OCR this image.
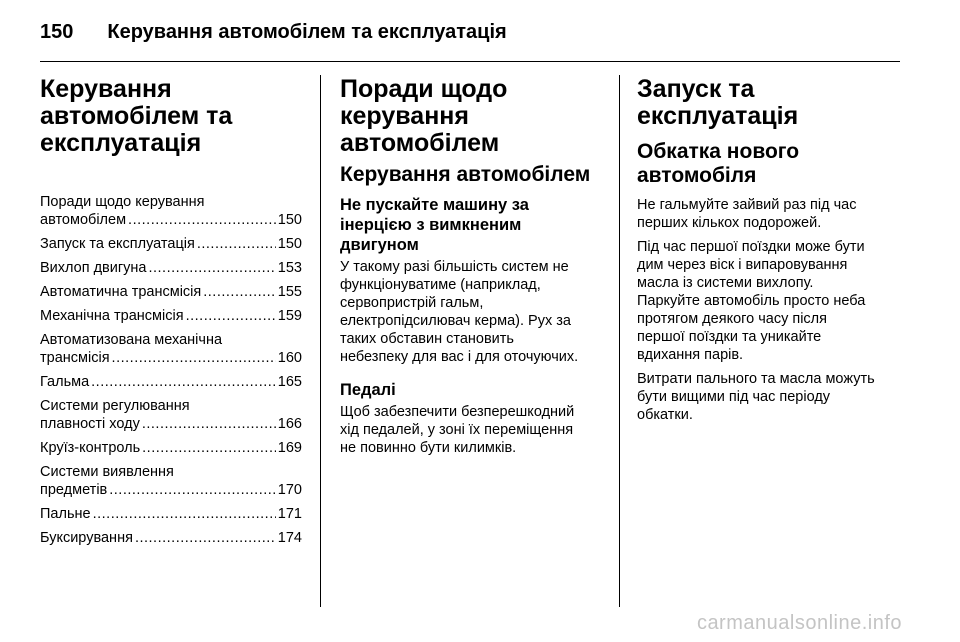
150 Керування автомобілем та експлуатація
Керування
автомобілем та
експлуатація
Поради щодо керування
автомобілем .....	150
Запуск та експлуатація .....	150
Вихлоп двигуна .....	153
Автоматична трансмісія .....	155
Механічна трансмісія .....	159
Автоматизована механічна
трансмісія .....	160
Гальма .....	165
Системи регулювання
плавності ходу .....	166
Круїз-контроль .....	169
Системи виявлення
предметів .....	170
Пальне .....	171
Буксирування .....	174
Поради щодо
керування
автомобілем
Керування автомобілем
Не пускайте машину за
інерцією з вимкненим
двигуном
У такому разі більшість систем не
функціонуватиме (наприклад,
сервопристрій гальм,
електропідсилювач керма). Рух за
таких обставин становить
небезпеку для вас і для оточуючих.
Педалі
Щоб забезпечити безперешкодний
хід педалей, у зоні їх переміщення
не повинно бути килимків.
Запуск та
експлуатація
Обкатка нового
автомобіля
Не гальмуйте зайвий раз під час
перших кількох подорожей.
Під час першої поїздки може бути
дим через віск і випаровування
масла із системи вихлопу.
Паркуйте автомобіль просто неба
протягом деякого часу після
першої поїздки та уникайте
вдихання парів.
Витрати пального та масла можуть
бути вищими під час періоду
обкатки.
carmanualsonline.info
